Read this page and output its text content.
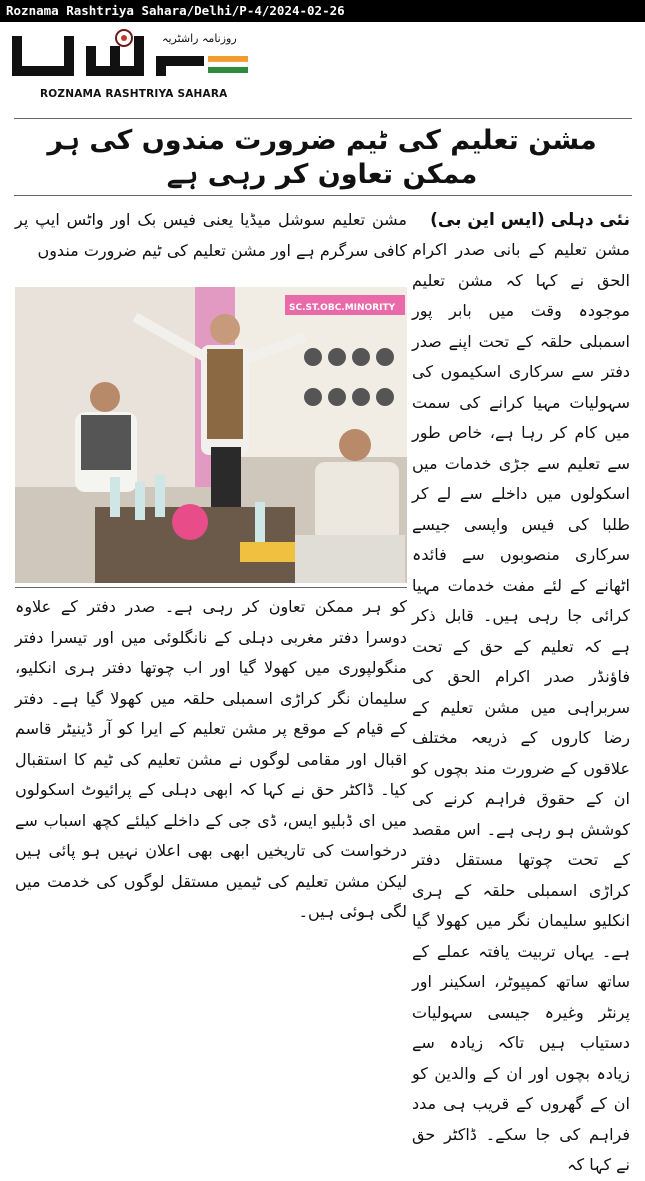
Roznama Rashtriya Sahara/Delhi/P-4/2024-02-26
روزنامہ راشٹریہ
ROZNAMA RASHTRIYA SAHARA
مشن تعلیم کی ٹیم ضرورت مندوں کی ہر ممکن تعاون کر رہی ہے
نئی دہلی (ایس این بی)
مشن تعلیم کے بانی صدر اکرام الحق نے کہا کہ مشن تعلیم موجودہ وقت میں بابر پور اسمبلی حلقہ کے تحت اپنے صدر دفتر سے سرکاری اسکیموں کی سہولیات مہیا کرانے کی سمت میں کام کر رہا ہے، خاص طور سے تعلیم سے جڑی خدمات میں اسکولوں میں داخلے سے لے کر طلبا کی فیس واپسی جیسے سرکاری منصوبوں سے فائدہ اٹھانے کے لئے مفت خدمات مہیا کرائی جا رہی ہیں۔ قابل ذکر ہے کہ تعلیم کے حق کے تحت فاؤنڈر صدر اکرام الحق کی سربراہی میں مشن تعلیم کے رضا کاروں کے ذریعہ مختلف علاقوں کے ضرورت مند بچوں کو ان کے حقوق فراہم کرنے کی کوشش ہو رہی ہے۔ اس مقصد کے تحت چوتھا مستقل دفتر کراڑی اسمبلی حلقہ کے ہری انکلیو سلیمان نگر میں کھولا گیا ہے۔ یہاں تربیت یافتہ عملے کے ساتھ ساتھ کمپیوٹر، اسکینر اور پرنٹر وغیرہ جیسی سہولیات دستیاب ہیں تاکہ زیادہ سے زیادہ بچوں اور ان کے والدین کو ان کے گھروں کے قریب ہی مدد فراہم کی جا سکے۔ ڈاکٹر حق نے کہا کہ
مشن تعلیم سوشل میڈیا یعنی فیس بک اور واٹس ایپ پر کافی سرگرم ہے اور مشن تعلیم کی ٹیم ضرورت مندوں
SC.ST.OBC.MINORITY
کو ہر ممکن تعاون کر رہی ہے۔ صدر دفتر کے علاوہ دوسرا دفتر مغربی دہلی کے نانگلوئی میں اور تیسرا دفتر منگولپوری میں کھولا گیا اور اب چوتھا دفتر ہری انکلیو، سلیمان نگر کراڑی اسمبلی حلقہ میں کھولا گیا ہے۔ دفتر کے قیام کے موقع پر مشن تعلیم کے ایرا کو آر ڈینیٹر قاسم اقبال اور مقامی لوگوں نے مشن تعلیم کی ٹیم کا استقبال کیا۔ ڈاکٹر حق نے کہا کہ ابھی دہلی کے پرائیوٹ اسکولوں میں ای ڈبلیو ایس، ڈی جی کے داخلے کیلئے کچھ اسباب سے درخواست کی تاریخیں ابھی بھی اعلان نہیں ہو پائی ہیں لیکن مشن تعلیم کی ٹیمیں مستقل لوگوں کی خدمت میں لگی ہوئی ہیں۔
